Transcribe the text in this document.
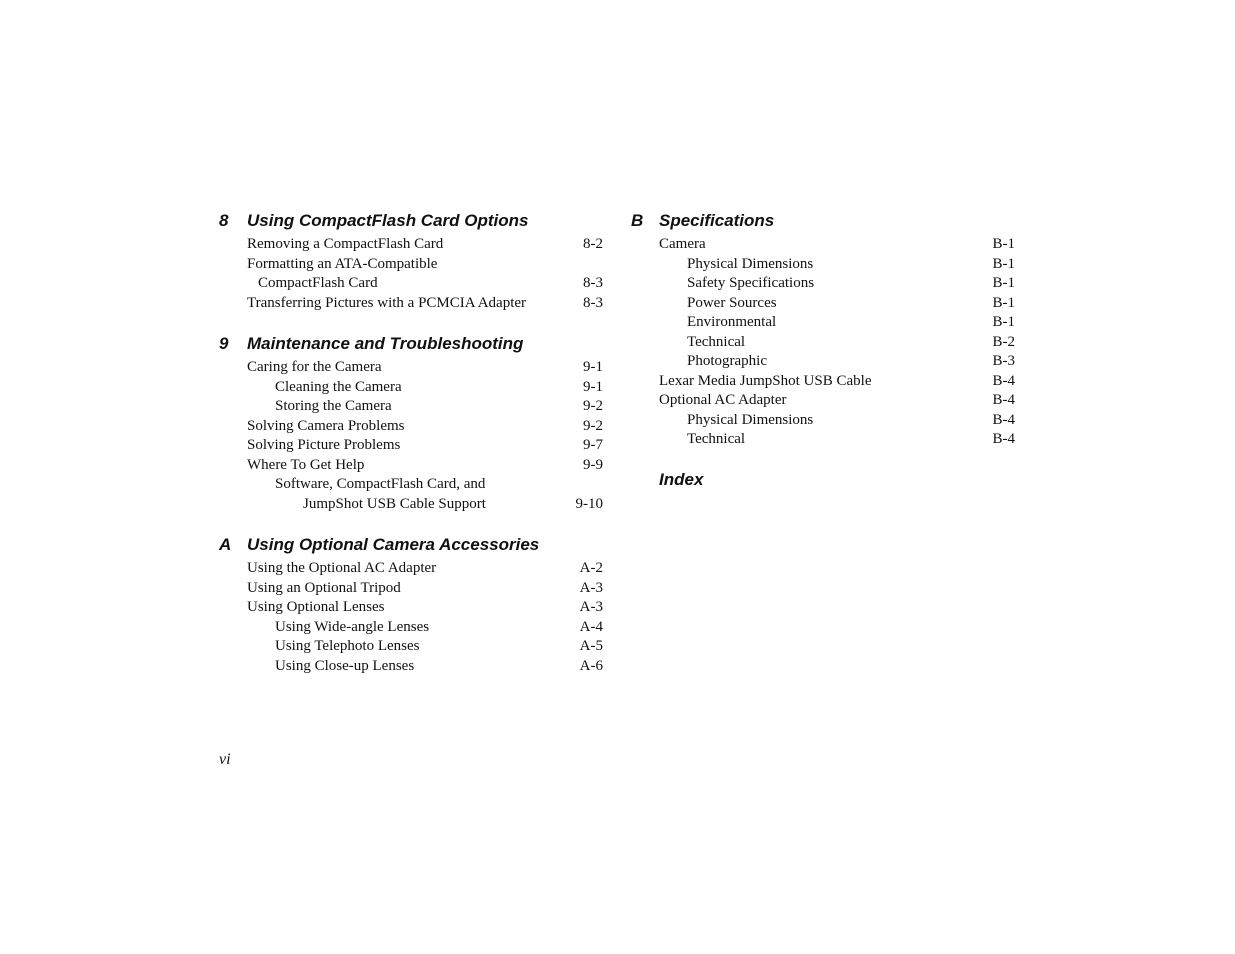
8 Using CompactFlash Card Options
Removing a CompactFlash Card	8-2
Formatting an ATA-Compatible
CompactFlash Card	8-3
Transferring Pictures with a PCMCIA Adapter	8-3
9 Maintenance and Troubleshooting
Caring for the Camera	9-1
Cleaning the Camera	9-1
Storing the Camera	9-2
Solving Camera Problems	9-2
Solving Picture Problems	9-7
Where To Get Help	9-9
Software, CompactFlash Card, and
JumpShot USB Cable Support	9-10
A Using Optional Camera Accessories
Using the Optional AC Adapter	A-2
Using an Optional Tripod	A-3
Using Optional Lenses	A-3
Using Wide-angle Lenses	A-4
Using Telephoto Lenses	A-5
Using Close-up Lenses	A-6
B Specifications
Camera	B-1
Physical Dimensions	B-1
Safety Specifications	B-1
Power Sources	B-1
Environmental	B-1
Technical	B-2
Photographic	B-3
Lexar Media JumpShot USB Cable	B-4
Optional AC Adapter	B-4
Physical Dimensions	B-4
Technical	B-4
Index
vi
